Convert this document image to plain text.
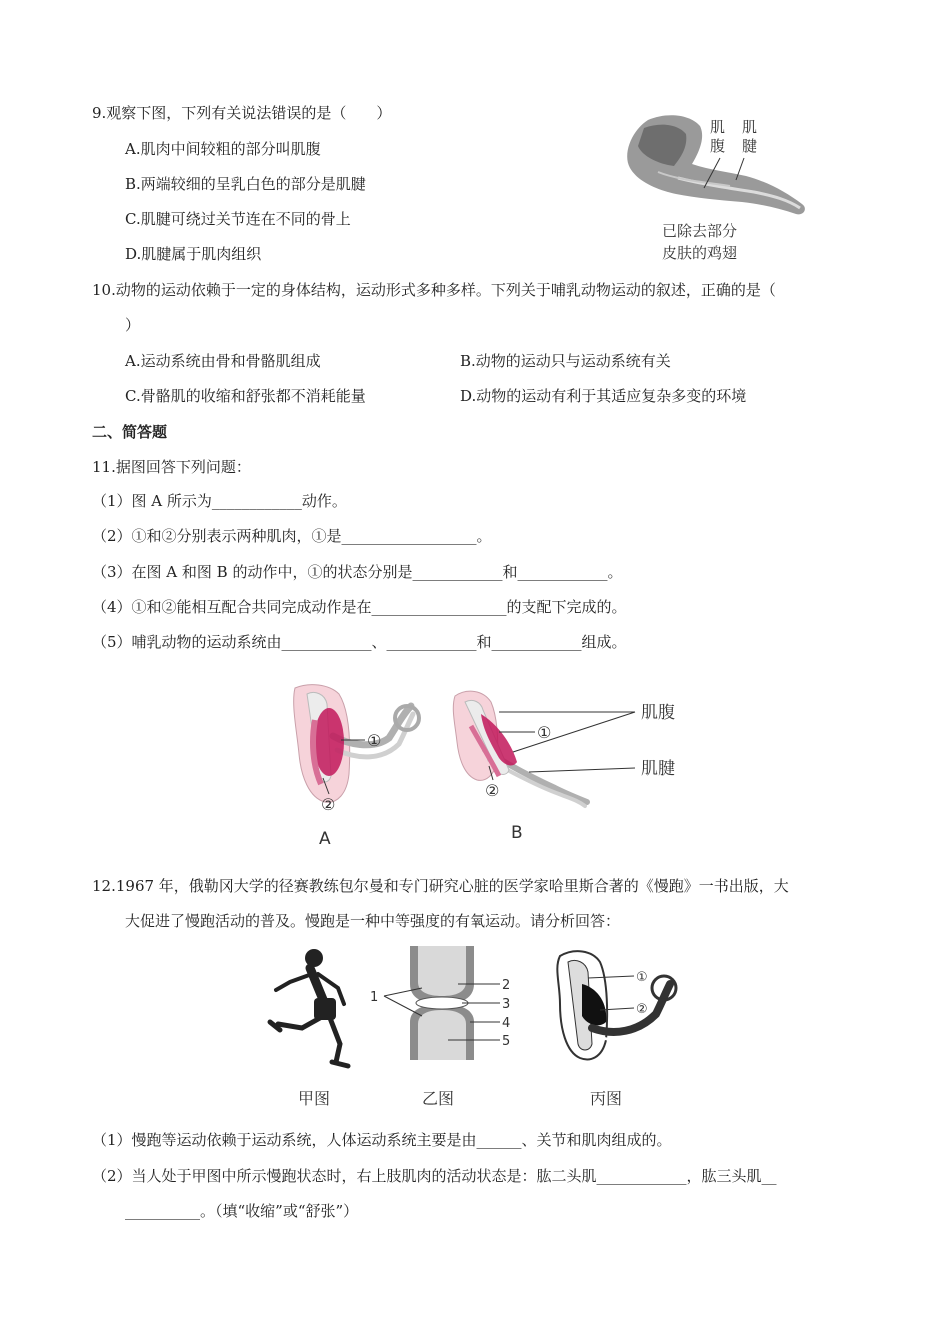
9.观察下图，下列有关说法错误的是（　　）
A.肌肉中间较粗的部分叫肌腹
B.两端较细的呈乳白色的部分是肌腱
C.肌腱可绕过关节连在不同的骨上
D.肌腱属于肌肉组织
肌
腹
肌
腱
已除去部分
皮肤的鸡翅
10.动物的运动依赖于一定的身体结构，运动形式多种多样。下列关于哺乳动物运动的叙述，正确的是（
）
A.运动系统由骨和骨骼肌组成	B.动物的运动只与运动系统有关
C.骨骼肌的收缩和舒张都不消耗能量	D.动物的运动有利于其适应复杂多变的环境
二、简答题
11.据图回答下列问题：
（1）图 A 所示为____________动作。
（2）①和②分别表示两种肌肉，①是__________________。
（3）在图 A 和图 B 的动作中，①的状态分别是____________和____________。
（4）①和②能相互配合共同完成动作是在__________________的支配下完成的。
（5）哺乳动物的运动系统由____________、____________和____________组成。
①
②
①
②
肌腹
肌腱
A	B
12.1967 年，俄勒冈大学的径赛教练包尔曼和专门研究心脏的医学家哈里斯合著的《慢跑》一书出版，大
大促进了慢跑活动的普及。慢跑是一种中等强度的有氧运动。请分析回答：
1
2
3
4
5
①
②
甲图	乙图	丙图
（1）慢跑等运动依赖于运动系统，人体运动系统主要是由______、关节和肌肉组成的。
（2）当人处于甲图中所示慢跑状态时，右上肢肌肉的活动状态是：肱二头肌____________，肱三头肌__
__________。（填“收缩”或“舒张”）
